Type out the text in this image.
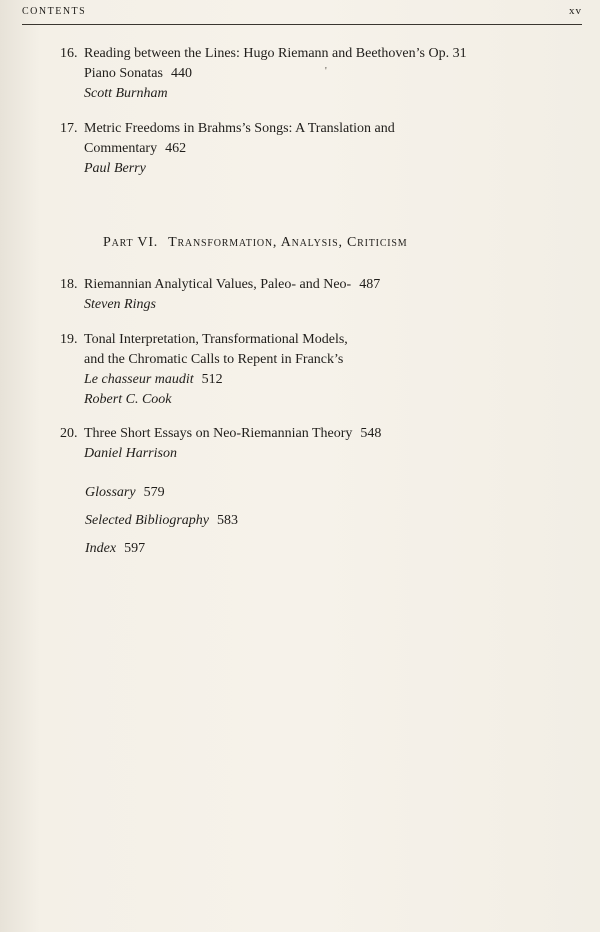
CONTENTS	xv
16. Reading between the Lines: Hugo Riemann and Beethoven’s Op. 31
Piano Sonatas 440
Scott Burnham
17. Metric Freedoms in Brahms’s Songs: A Translation and
Commentary 462
Paul Berry
Part VI. Transformation, Analysis, Criticism
18. Riemannian Analytical Values, Paleo- and Neo- 487
Steven Rings
19. Tonal Interpretation, Transformational Models,
and the Chromatic Calls to Repent in Franck’s
Le chasseur maudit 512
Robert C. Cook
20. Three Short Essays on Neo-Riemannian Theory 548
Daniel Harrison
Glossary 579
Selected Bibliography 583
Index 597
'
